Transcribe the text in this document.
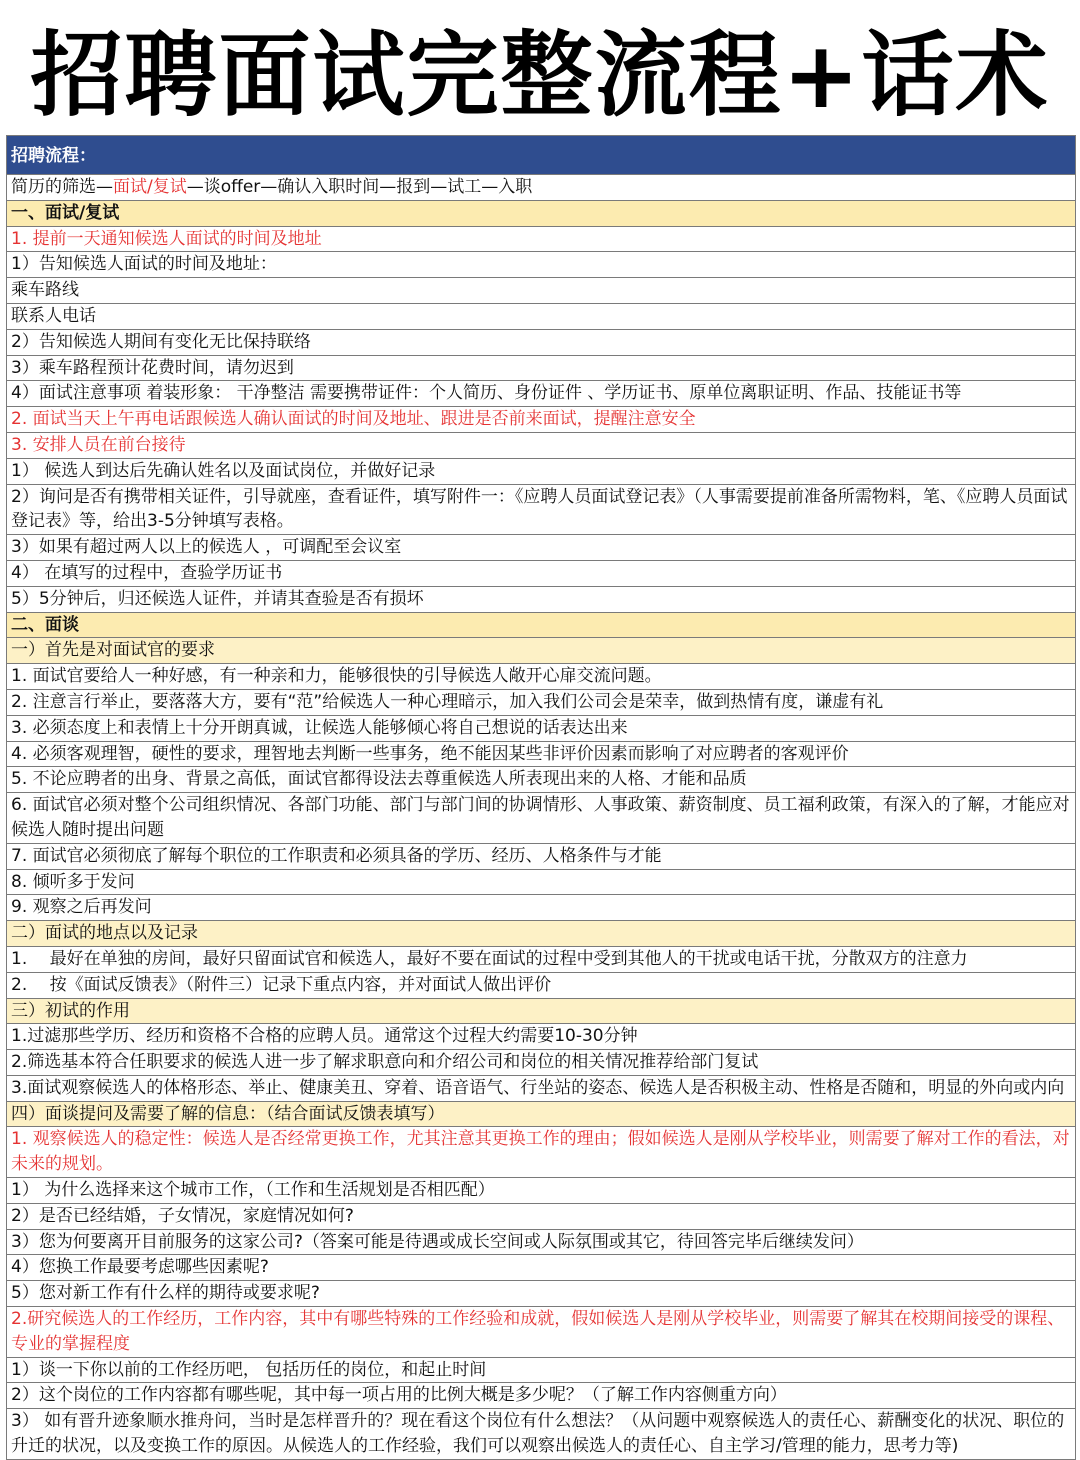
招聘面试完整流程+话术
招聘流程：
简历的筛选—面试/复试—谈offer—确认入职时间—报到—试工—入职
一、面试/复试
1. 提前一天通知候选人面试的时间及地址
1）告知候选人面试的时间及地址：
乘车路线
联系人电话
2）告知候选人期间有变化无比保持联络
3）乘车路程预计花费时间，请勿迟到
4）面试注意事项 着装形象： 干净整洁 需要携带证件：个人简历、身份证件 、学历证书、原单位离职证明、作品、技能证书等
2. 面试当天上午再电话跟候选人确认面试的时间及地址、跟进是否前来面试，提醒注意安全
3. 安排人员在前台接待
1） 候选人到达后先确认姓名以及面试岗位，并做好记录
2）询问是否有携带相关证件，引导就座，查看证件，填写附件一：《应聘人员面试登记表》（人事需要提前准备所需物料，笔、《应聘人员面试登记表》等，给出3-5分钟填写表格。
3）如果有超过两人以上的候选人 ，可调配至会议室
4） 在填写的过程中，查验学历证书
5）5分钟后，归还候选人证件，并请其查验是否有损坏
二、面谈
一）首先是对面试官的要求
1. 面试官要给人一种好感，有一种亲和力，能够很快的引导候选人敞开心扉交流问题。
2. 注意言行举止，要落落大方，要有“范”给候选人一种心理暗示，加入我们公司会是荣幸，做到热情有度，谦虚有礼
3. 必须态度上和表情上十分开朗真诚，让候选人能够倾心将自己想说的话表达出来
4. 必须客观理智，硬性的要求，理智地去判断一些事务，绝不能因某些非评价因素而影响了对应聘者的客观评价
5. 不论应聘者的出身、背景之高低，面试官都得设法去尊重候选人所表现出来的人格、才能和品质
6. 面试官必须对整个公司组织情况、各部门功能、部门与部门间的协调情形、人事政策、薪资制度、员工福利政策，有深入的了解，才能应对候选人随时提出问题
7. 面试官必须彻底了解每个职位的工作职责和必须具备的学历、经历、人格条件与才能
8. 倾听多于发问
9. 观察之后再发问
二）面试的地点以及记录
1.　 最好在单独的房间，最好只留面试官和候选人，最好不要在面试的过程中受到其他人的干扰或电话干扰，分散双方的注意力
2.　 按《面试反馈表》（附件三）记录下重点内容，并对面试人做出评价
三）初试的作用
1.过滤那些学历、经历和资格不合格的应聘人员。通常这个过程大约需要10-30分钟
2.筛选基本符合任职要求的候选人进一步了解求职意向和介绍公司和岗位的相关情况推荐给部门复试
3.面试观察候选人的体格形态、举止、健康美丑、穿着、语音语气、行坐站的姿态、候选人是否积极主动、性格是否随和，明显的外向或内向
四）面谈提问及需要了解的信息：（结合面试反馈表填写）
1. 观察候选人的稳定性：候选人是否经常更换工作，尤其注意其更换工作的理由；假如候选人是刚从学校毕业，则需要了解对工作的看法，对未来的规划。
1） 为什么选择来这个城市工作，（工作和生活规划是否相匹配）
2）是否已经结婚，子女情况，家庭情况如何?
3）您为何要离开目前服务的这家公司?（答案可能是待遇或成长空间或人际氛围或其它，待回答完毕后继续发问）
4）您换工作最要考虑哪些因素呢?
5）您对新工作有什么样的期待或要求呢?
2.研究候选人的工作经历，工作内容，其中有哪些特殊的工作经验和成就，假如候选人是刚从学校毕业，则需要了解其在校期间接受的课程、专业的掌握程度
1）谈一下你以前的工作经历吧， 包括历任的岗位，和起止时间
2）这个岗位的工作内容都有哪些呢，其中每一项占用的比例大概是多少呢？（了解工作内容侧重方向）
3） 如有晋升迹象顺水推舟问，当时是怎样晋升的？现在看这个岗位有什么想法？（从问题中观察候选人的责任心、薪酬变化的状况、职位的升迁的状况，以及变换工作的原因。从候选人的工作经验，我们可以观察出候选人的责任心、自主学习/管理的能力，思考力等)
